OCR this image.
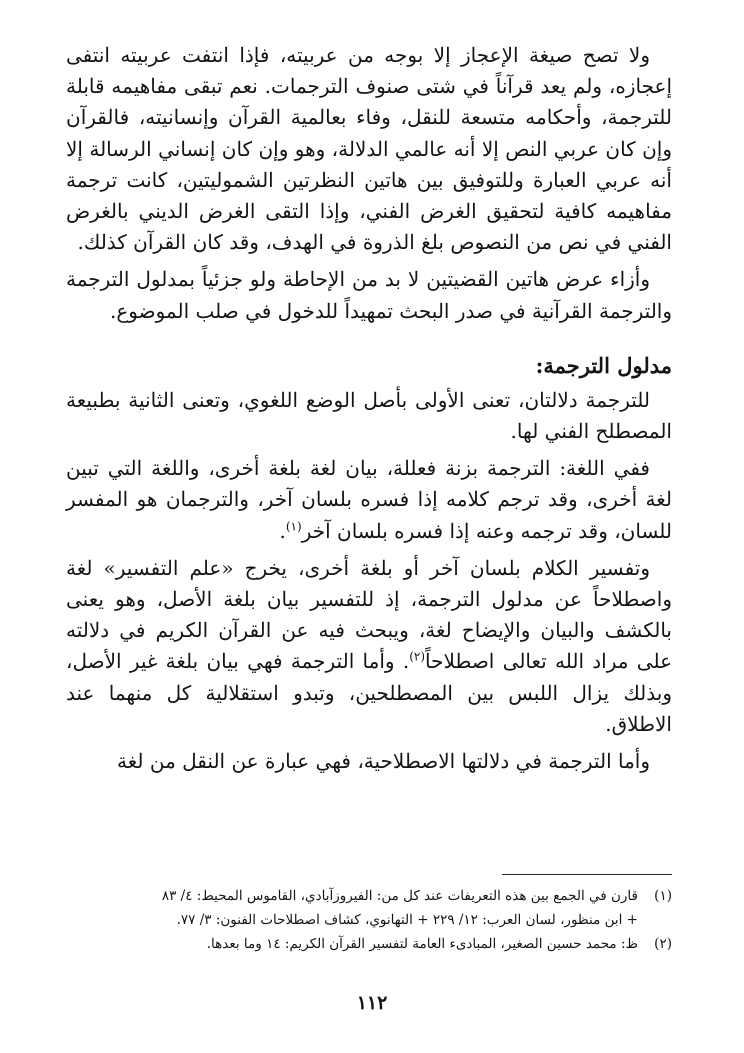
ولا تصح صيغة الإعجاز إلا بوجه من عربيته، فإذا انتفت عربيته انتفى إعجازه، ولم يعد قرآناً في شتى صنوف الترجمات. نعم تبقى مفاهيمه قابلة للترجمة، وأحكامه متسعة للنقل، وفاء بعالمية القرآن وإنسانيته، فالقرآن وإن كان عربي النص إلا أنه عالمي الدلالة، وهو وإن كان إنساني الرسالة إلا أنه عربي العبارة وللتوفيق بين هاتين النظرتين الشموليتين، كانت ترجمة مفاهيمه كافية لتحقيق الغرض الفني، وإذا التقى الغرض الديني بالغرض الفني في نص من النصوص بلغ الذروة في الهدف، وقد كان القرآن كذلك.

وأزاء عرض هاتين القضيتين لا بد من الإحاطة ولو جزئياً بمدلول الترجمة والترجمة القرآنية في صدر البحث تمهيداً للدخول في صلب الموضوع.

مدلول الترجمة:

للترجمة دلالتان، تعنى الأولى بأصل الوضع اللغوي، وتعنى الثانية بطبيعة المصطلح الفني لها.

ففي اللغة: الترجمة بزنة فعللة، بيان لغة بلغة أخرى، واللغة التي تبين لغة أخرى، وقد ترجم كلامه إذا فسره بلسان آخر، والترجمان هو المفسر للسان، وقد ترجمه وعنه إذا فسره بلسان آخر$^{(١)}$.

وتفسير الكلام بلسان آخر أو بلغة أخرى، يخرج «علم التفسير» لغة واصطلاحاً عن مدلول الترجمة، إذ للتفسير بيان بلغة الأصل، وهو يعنى بالكشف والبيان والإيضاح لغة، ويبحث فيه عن القرآن الكريم في دلالته على مراد الله تعالى اصطلاحاً$^{(٢)}$. وأما الترجمة فهي بيان بلغة غير الأصل، وبذلك يزال اللبس بين المصطلحين، وتبدو استقلالية كل منهما عند الاطلاق.

وأما الترجمة في دلالتها الاصطلاحية، فهي عبارة عن النقل من لغة

(١)قارن في الجمع بين هذه التعريفات عند كل من: الفيروزآبادي، القاموس المحيط: ٤/ ٨٣

+ ابن منظور، لسان العرب: ١٢/ ٢٢٩ + التهانوي، كشاف اصطلاحات الفنون: ٣/ ٧٧.

(٢)ظ: محمد حسين الصغير، المبادىء العامة لتفسير القرآن الكريم: ١٤ وما بعدها.

١١٢
